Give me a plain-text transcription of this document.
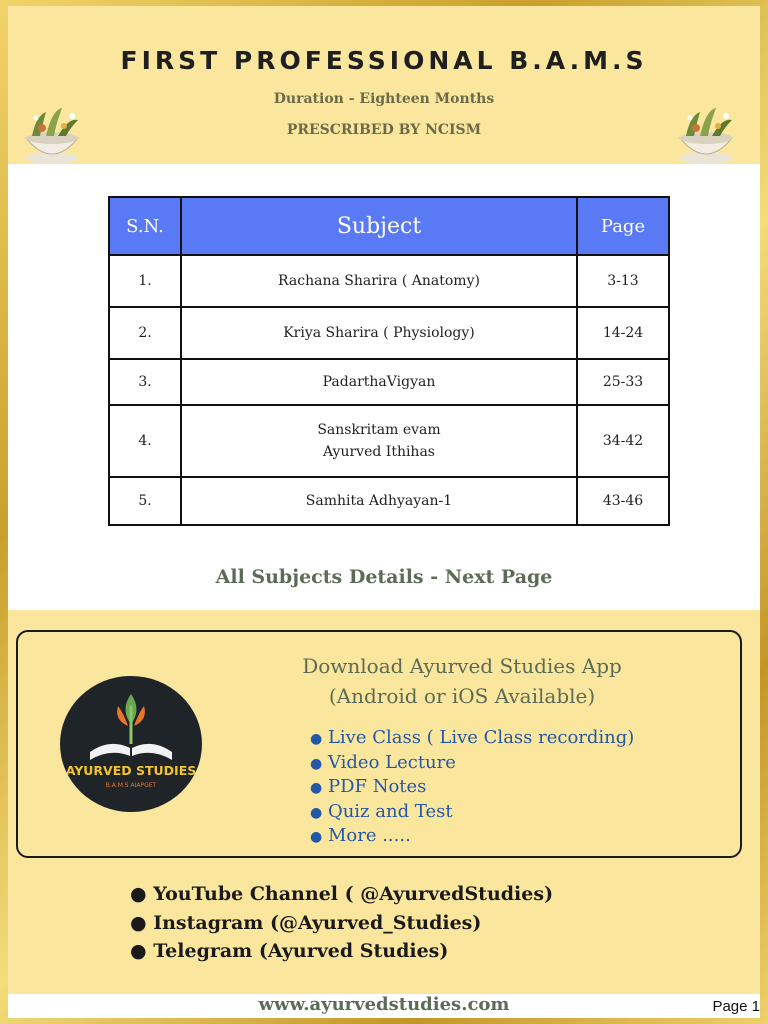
FIRST PROFESSIONAL B.A.M.S
Duration - Eighteen Months
PRESCRIBED BY NCISM
S.N.	Subject	Page
1.	Rachana Sharira ( Anatomy)	3-13
2.	Kriya Sharira ( Physiology)	14-24
3.	PadarthaVigyan	25-33
4.	Sanskritam evam
Ayurved Ithihas	34-42
5.	Samhita Adhyayan-1	43-46
All Subjects Details - Next Page
AYURVED STUDIES
B.A.M.S AIAPGET
Download Ayurved Studies App
(Android or iOS Available)
● Live Class ( Live Class recording)
● Video Lecture
● PDF Notes
● Quiz and Test
● More .....
● YouTube Channel ( @AyurvedStudies)
● Instagram (@Ayurved_Studies)
● Telegram (Ayurved Studies)
www.ayurvedstudies.com	Page 1
